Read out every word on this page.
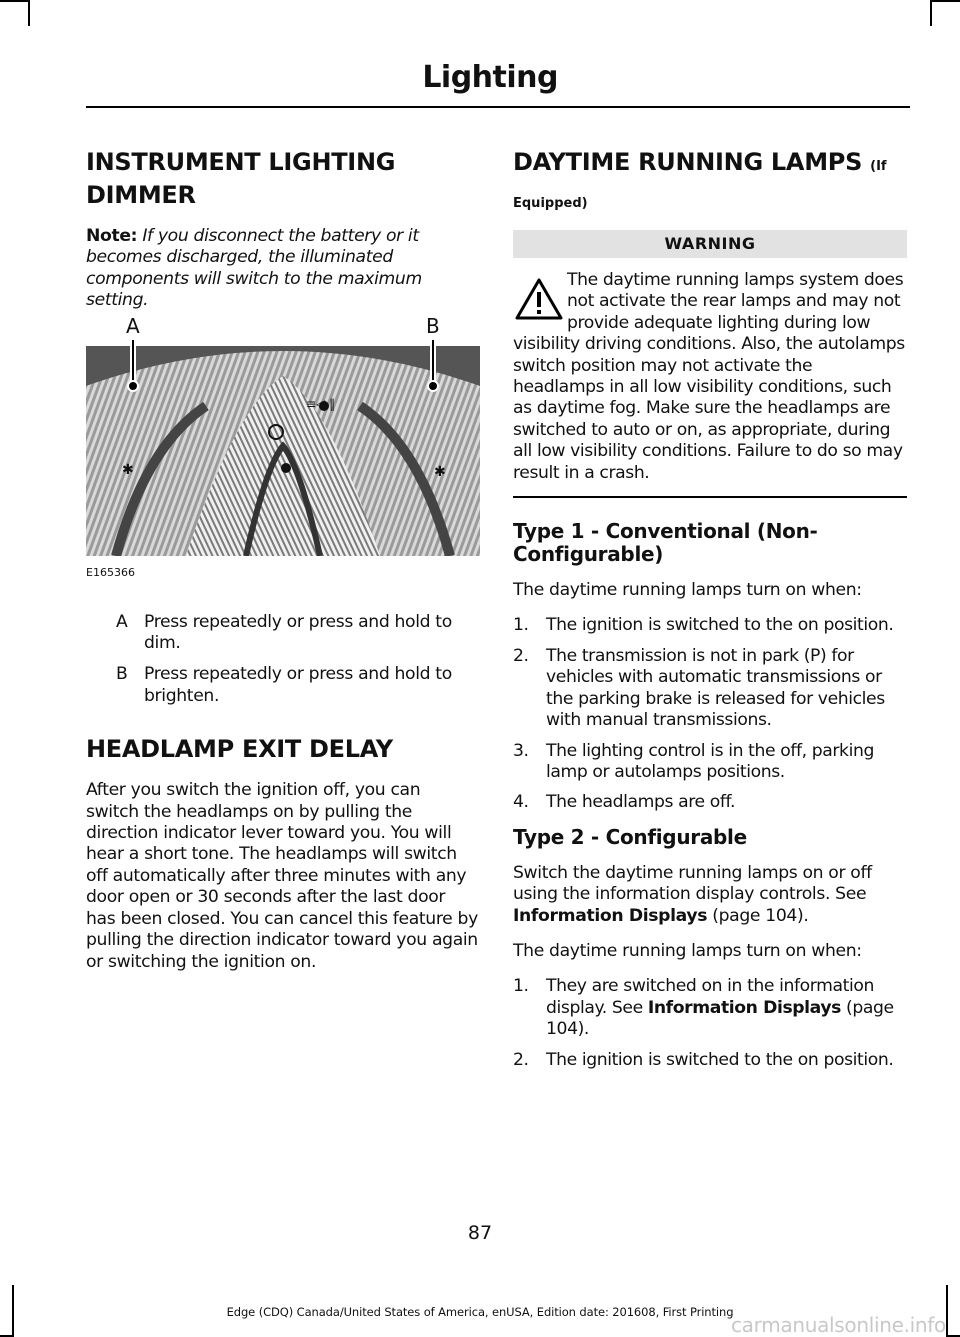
Lighting
INSTRUMENT LIGHTING
DIMMER

Note: If you disconnect the battery or it becomes discharged, the illuminated components will switch to the maximum setting.

≡◁ ‖
✱	✱
A	B
E165366
A Press repeatedly or press and hold to dim.
B Press repeatedly or press and hold to brighten.
HEADLAMP EXIT DELAY

After you switch the ignition off, you can switch the headlamps on by pulling the direction indicator lever toward you. You will hear a short tone. The headlamps will switch off automatically after three minutes with any door open or 30 seconds after the last door has been closed. You can cancel this feature by pulling the direction indicator toward you again or switching the ignition on.

DAYTIME RUNNING LAMPS (If Equipped)
WARNING
The daytime running lamps system does not activate the rear lamps and may not provide adequate lighting during low visibility driving conditions. Also, the autolamps switch position may not activate the headlamps in all low visibility conditions, such as daytime fog. Make sure the headlamps are switched to auto or on, as appropriate, during all low visibility conditions. Failure to do so may result in a crash.
Type 1 - Conventional (Non-Configurable)

The daytime running lamps turn on when:

1.	The ignition is switched to the on position.
2.	The transmission is not in park (P) for vehicles with automatic transmissions or the parking brake is released for vehicles with manual transmissions.
3.	The lighting control is in the off, parking lamp or autolamps positions.
4.	The headlamps are off.
Type 2 - Configurable

Switch the daytime running lamps on or off using the information display controls. See Information Displays (page 104).

The daytime running lamps turn on when:

1.	They are switched on in the information display. See Information Displays (page 104).
2.	The ignition is switched to the on position.
87
Edge (CDQ) Canada/United States of America, enUSA, Edition date: 201608, First Printing
carmanualsonline.info
